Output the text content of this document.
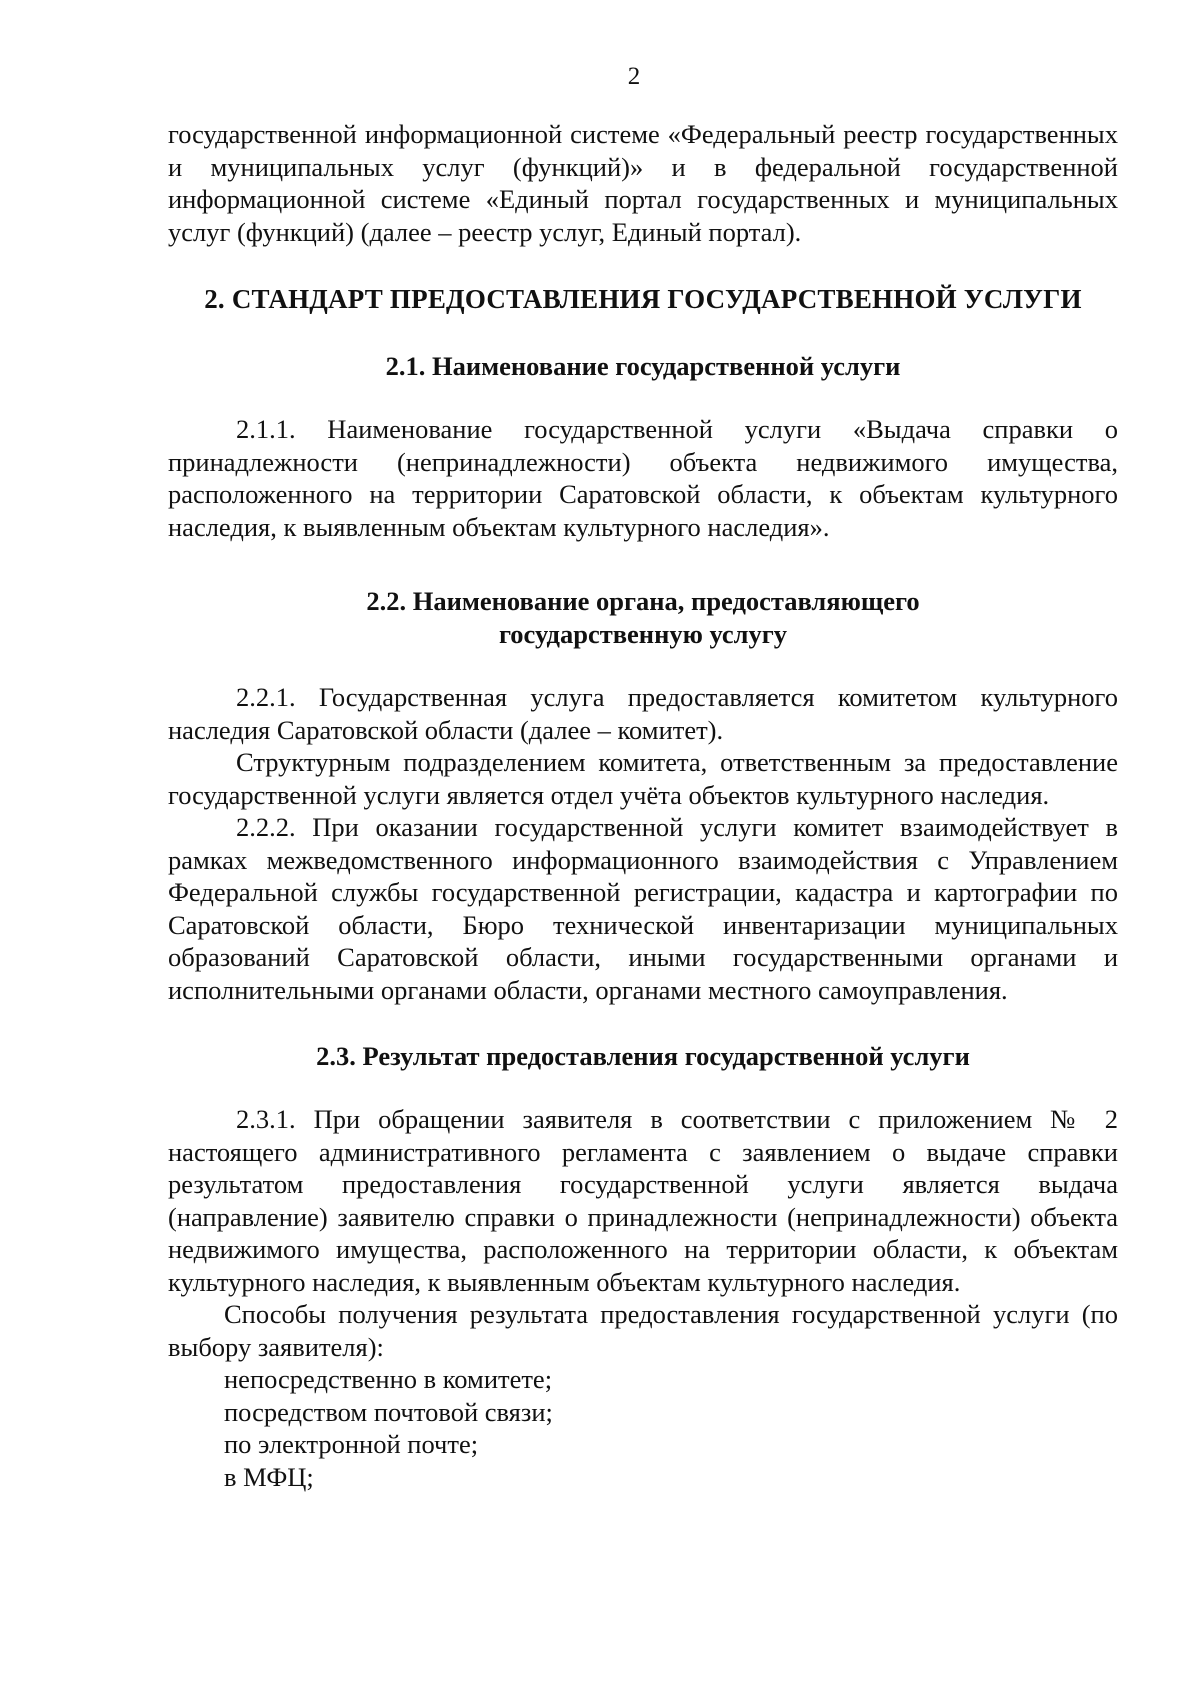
2

государственной информационной системе «Федеральный реестр государственных и муниципальных услуг (функций)» и в федеральной государственной информационной системе «Единый портал государственных и муниципальных услуг (функций) (далее – реестр услуг, Единый портал).

2. СТАНДАРТ ПРЕДОСТАВЛЕНИЯ ГОСУДАРСТВЕННОЙ УСЛУГИ
2.1. Наименование государственной услуги

2.1.1. Наименование государственной услуги «Выдача справки о принадлежности (непринадлежности) объекта недвижимого имущества, расположенного на территории Саратовской области, к объектам культурного наследия, к выявленным объектам культурного наследия».

2.2. Наименование органа, предоставляющего
государственную услугу

2.2.1. Государственная услуга предоставляется комитетом культурного наследия Саратовской области (далее – комитет).

Структурным подразделением комитета, ответственным за предоставление государственной услуги является отдел учёта объектов культурного наследия.

2.2.2. При оказании государственной услуги комитет взаимодействует в рамках межведомственного информационного взаимодействия с Управлением Федеральной службы государственной регистрации, кадастра и картографии по Саратовской области, Бюро технической инвентаризации муниципальных образований Саратовской области, иными государственными органами и исполнительными органами области, органами местного самоуправления.

2.3. Результат предоставления государственной услуги

2.3.1. При обращении заявителя в соответствии с приложением № 2 настоящего административного регламента с заявлением о выдаче справки результатом предоставления государственной услуги является выдача (направление) заявителю справки о принадлежности (непринадлежности) объекта недвижимого имущества, расположенного на территории области, к объектам культурного наследия, к выявленным объектам культурного наследия.

Способы получения результата предоставления государственной услуги (по выбору заявителя):

непосредственно в комитете;

посредством почтовой связи;

по электронной почте;

в МФЦ;
